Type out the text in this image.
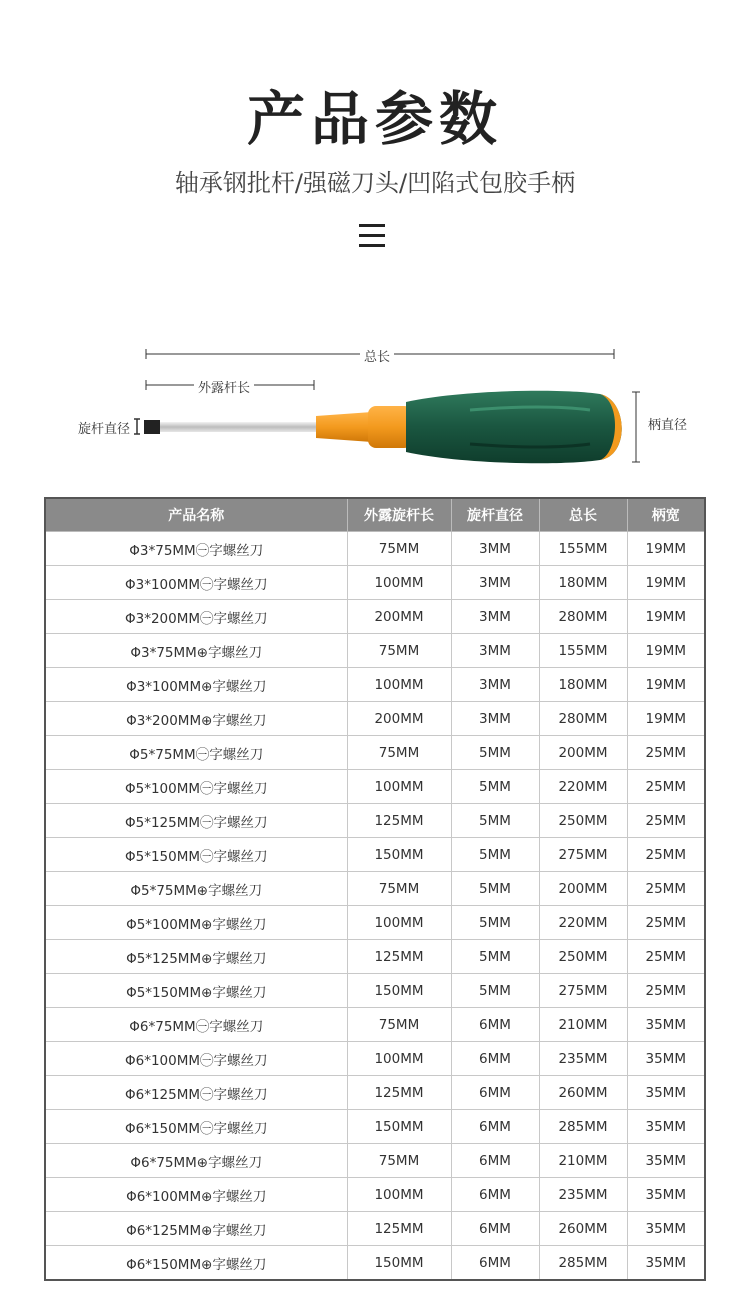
产品参数
轴承钢批杆/强磁刀头/凹陷式包胶手柄
总长
外露杆长
旋杆直径	柄直径
产品名称	外露旋杆长	旋杆直径	总长	柄宽
Φ3*75MM㊀字螺丝刀	75MM	3MM	155MM	19MM
Φ3*100MM㊀字螺丝刀	100MM	3MM	180MM	19MM
Φ3*200MM㊀字螺丝刀	200MM	3MM	280MM	19MM
Φ3*75MM⊕字螺丝刀	75MM	3MM	155MM	19MM
Φ3*100MM⊕字螺丝刀	100MM	3MM	180MM	19MM
Φ3*200MM⊕字螺丝刀	200MM	3MM	280MM	19MM
Φ5*75MM㊀字螺丝刀	75MM	5MM	200MM	25MM
Φ5*100MM㊀字螺丝刀	100MM	5MM	220MM	25MM
Φ5*125MM㊀字螺丝刀	125MM	5MM	250MM	25MM
Φ5*150MM㊀字螺丝刀	150MM	5MM	275MM	25MM
Φ5*75MM⊕字螺丝刀	75MM	5MM	200MM	25MM
Φ5*100MM⊕字螺丝刀	100MM	5MM	220MM	25MM
Φ5*125MM⊕字螺丝刀	125MM	5MM	250MM	25MM
Φ5*150MM⊕字螺丝刀	150MM	5MM	275MM	25MM
Φ6*75MM㊀字螺丝刀	75MM	6MM	210MM	35MM
Φ6*100MM㊀字螺丝刀	100MM	6MM	235MM	35MM
Φ6*125MM㊀字螺丝刀	125MM	6MM	260MM	35MM
Φ6*150MM㊀字螺丝刀	150MM	6MM	285MM	35MM
Φ6*75MM⊕字螺丝刀	75MM	6MM	210MM	35MM
Φ6*100MM⊕字螺丝刀	100MM	6MM	235MM	35MM
Φ6*125MM⊕字螺丝刀	125MM	6MM	260MM	35MM
Φ6*150MM⊕字螺丝刀	150MM	6MM	285MM	35MM
